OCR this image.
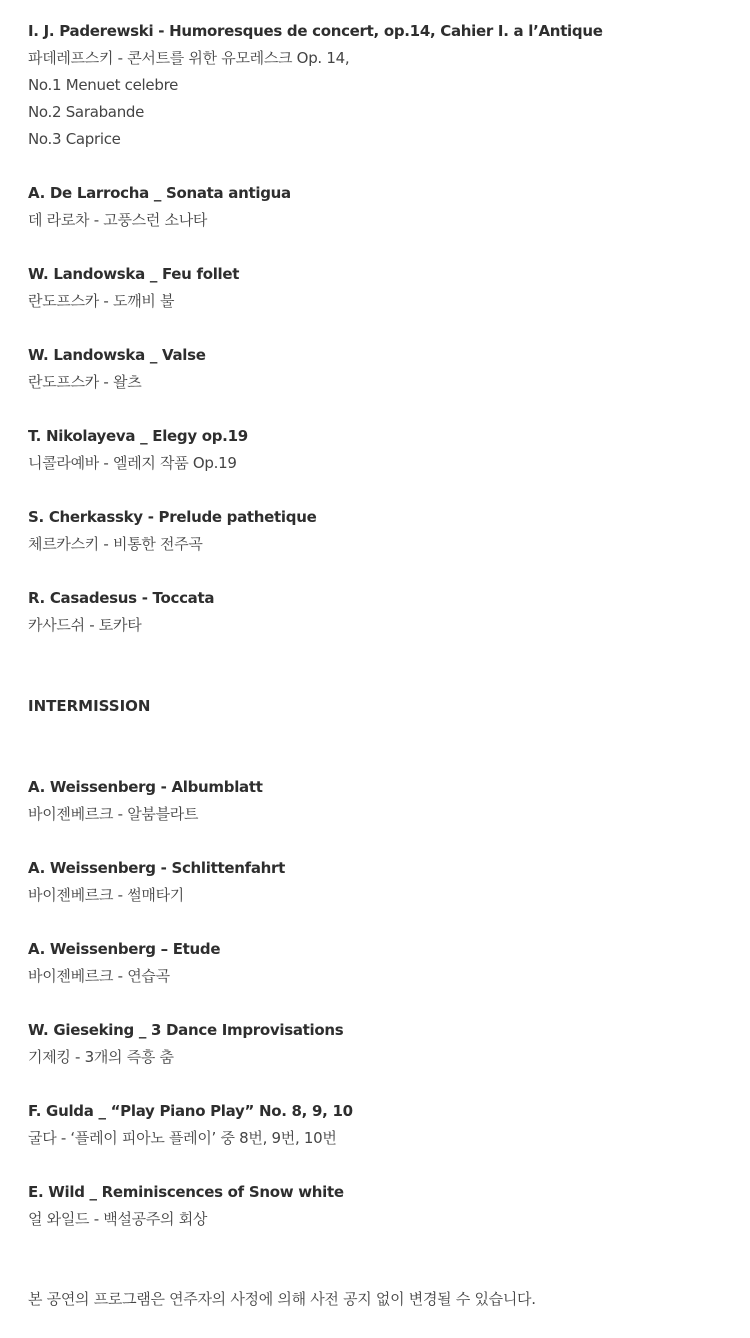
I. J. Paderewski - Humoresques de concert, op.14, Cahier I. a l’Antique
파데레프스키 - 콘서트를 위한 유모레스크 Op. 14,
No.1 Menuet celebre
No.2 Sarabande
No.3 Caprice
A. De Larrocha _ Sonata antigua
데 라로차 - 고풍스런 소나타
W. Landowska _ Feu follet
란도프스카 - 도깨비 불
W. Landowska _ Valse
란도프스카 - 왈츠
T. Nikolayeva _ Elegy op.19
니콜라예바 - 엘레지 작품 Op.19
S. Cherkassky - Prelude pathetique
체르카스키 - 비통한 전주곡
R. Casadesus - Toccata
카사드쉬 - 토카타
INTERMISSION
A. Weissenberg - Albumblatt
바이젠베르크 - 알붐블라트
A. Weissenberg - Schlittenfahrt
바이젠베르크 - 썰매타기
A. Weissenberg – Etude
바이젠베르크 - 연습곡
W. Gieseking _ 3 Dance Improvisations
기제킹 - 3개의 즉흥 춤
F. Gulda _ “Play Piano Play” No. 8, 9, 10
굴다 - ‘플레이 피아노 플레이’ 중 8번, 9번, 10번
E. Wild _ Reminiscences of Snow white
얼 와일드 - 백설공주의 회상
본 공연의 프로그램은 연주자의 사정에 의해 사전 공지 없이 변경될 수 있습니다.
